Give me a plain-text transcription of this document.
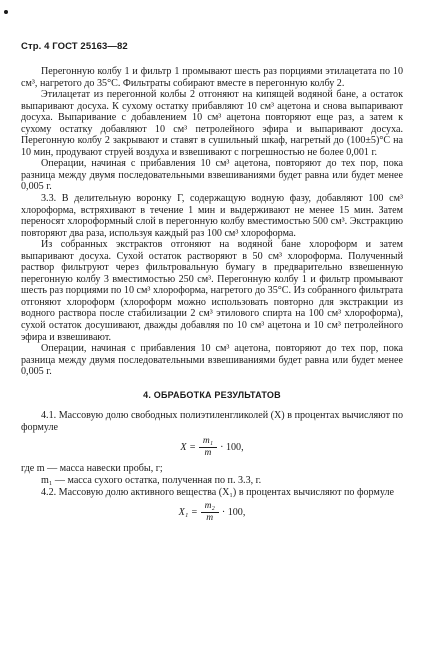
Стр. 4 ГОСТ 25163—82

Перегонную колбу 1 и фильтр 1 промывают шесть раз порциями этилацетата по 10 см³, нагретого до 35°С. Фильтраты собирают вместе в перегонную колбу 2.

Этилацетат из перегонной колбы 2 отгоняют на кипящей водяной бане, а остаток выпаривают досуха. К сухому остатку прибавляют 10 см³ ацетона и снова выпаривают досуха. Выпаривание с добавлением 10 см³ ацетона повторяют еще раз, а затем к сухому остатку добавляют 10 см³ петролейного эфира и выпаривают досуха. Перегонную колбу 2 закрывают и ставят в сушильный шкаф, нагретый до (100±5)°С на 10 мин, продувают струей воздуха и взвешивают с погрешностью не более 0,001 г.

Операции, начиная с прибавления 10 см³ ацетона, повторяют до тех пор, пока разница между двумя последовательными взвешиваниями будет равна или будет менее 0,005 г.

3.3. В делительную воронку Г, содержащую водную фазу, добавляют 100 см³ хлороформа, встряхивают в течение 1 мин и выдерживают не менее 15 мин. Затем переносят хлороформный слой в перегонную колбу вместимостью 500 см³. Экстракцию повторяют два раза, используя каждый раз 100 см³ хлороформа.

Из собранных экстрактов отгоняют на водяной бане хлороформ и затем выпаривают досуха. Сухой остаток растворяют в 50 см³ хлороформа. Полученный раствор фильтруют через фильтровальную бумагу в предварительно взвешенную перегонную колбу 3 вместимостью 250 см³. Перегонную колбу 1 и фильтр промывают шесть раз порциями по 10 см³ хлороформа, нагретого до 35°С. Из собранного фильтрата отгоняют хлороформ (хлороформ можно использовать повторно для экстракции из водного раствора после стабилизации 2 см³ этилового спирта на 100 см³ хлороформа), сухой остаток досушивают, дважды добавляя по 10 см³ ацетона и 10 см³ петролейного эфира и взвешивают.

Операции, начиная с прибавления 10 см³ ацетона, повторяют до тех пор, пока разница между двумя последовательными взвешиваниями будет равна или будет менее 0,005 г.

4. ОБРАБОТКА РЕЗУЛЬТАТОВ

4.1. Массовую долю свободных полиэтиленгликолей (X) в процентах вычисляют по формуле

$X = \frac{\text{m₁}}{m} \cdot 100$,

где m — масса навески пробы, г;

m₁ — масса сухого остатка, полученная по п. 3.3, г.

4.2. Массовую долю активного вещества (X₁) в процентах вычисляют по формуле

$X_1 = \frac{\text{m₂}}{m} \cdot 100$,
